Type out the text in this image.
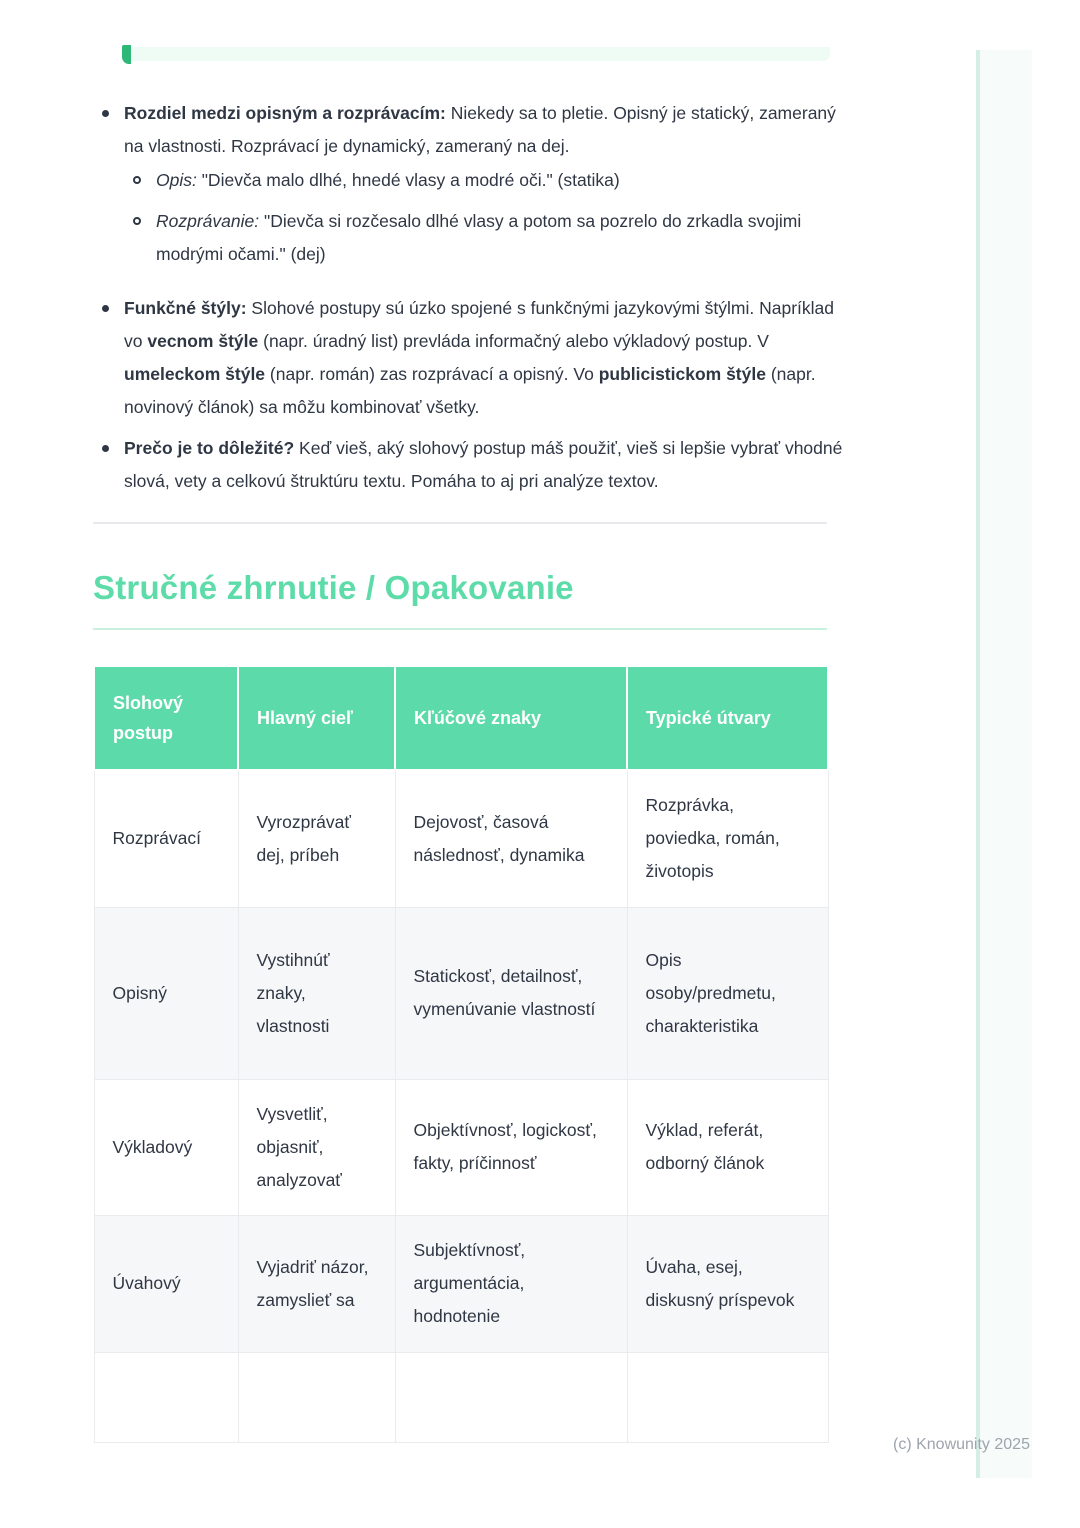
Rozdiel medzi opisným a rozprávacím: Niekedy sa to pletie. Opisný je statický, zameraný na vlastnosti. Rozprávací je dynamický, zameraný na dej.

Opis: "Dievča malo dlhé, hnedé vlasy a modré oči." (statika)

Rozprávanie: "Dievča si rozčesalo dlhé vlasy a potom sa pozrelo do zrkadla svojimi modrými očami." (dej)

Funkčné štýly: Slohové postupy sú úzko spojené s funkčnými jazykovými štýlmi. Napríklad vo vecnom štýle (napr. úradný list) prevláda informačný alebo výkladový postup. V umeleckom štýle (napr. román) zas rozprávací a opisný. Vo publicistickom štýle (napr. novinový článok) sa môžu kombinovať všetky.

Prečo je to dôležité? Keď vieš, aký slohový postup máš použiť, vieš si lepšie vybrať vhodné slová, vety a celkovú štruktúru textu. Pomáha to aj pri analýze textov.

Stručné zhrnutie / Opakovanie
Slohový postup	Hlavný cieľ	Kľúčové znaky	Typické útvary
Rozprávací	Vyrozprávať dej, príbeh	Dejovosť, časová následnosť, dynamika	Rozprávka, poviedka, román, životopis
Opisný	Vystihnúť znaky, vlastnosti	Statickosť, detailnosť, vymenúvanie vlastností	Opis osoby/predmetu, charakteristika
Výkladový	Vysvetliť, objasniť, analyzovať	Objektívnosť, logickosť, fakty, príčinnosť	Výklad, referát, odborný článok
Úvahový	Vyjadriť názor, zamyslieť sa	Subjektívnosť, argumentácia, hodnotenie	Úvaha, esej, diskusný príspevok

(c) Knowunity 2025
